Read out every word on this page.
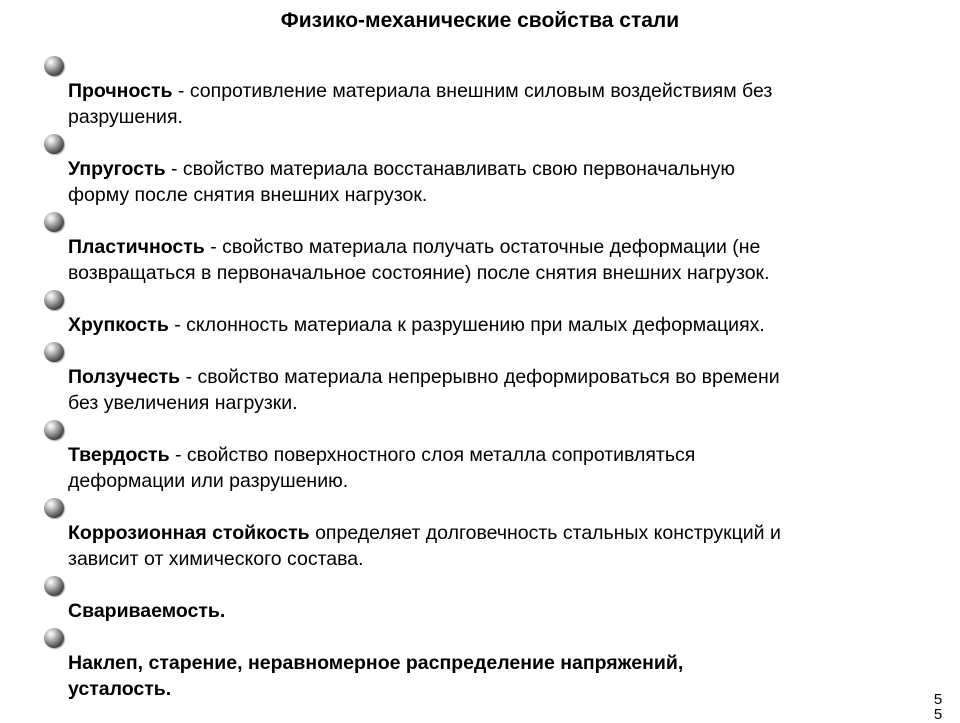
Физико-механические свойства стали

Прочность - сопротивление материала внешним силовым воздействиям без
разрушения.

Упругость - свойство материала восстанавливать свою первоначальную
форму после снятия внешних нагрузок.

Пластичность - свойство материала получать остаточные деформации (не
возвращаться в первоначальное состояние) после снятия внешних нагрузок.

Хрупкость - склонность материала к разрушению при малых деформациях.

Ползучесть - свойство материала непрерывно деформироваться во времени
без увеличения нагрузки.

Твердость - свойство поверхностного слоя металла сопротивляться
деформации или разрушению.

Коррозионная стойкость определяет долговечность стальных конструкций и
зависит от химического состава.

Свариваемость.

Наклеп, старение, неравномерное распределение напряжений,
усталость.	55
